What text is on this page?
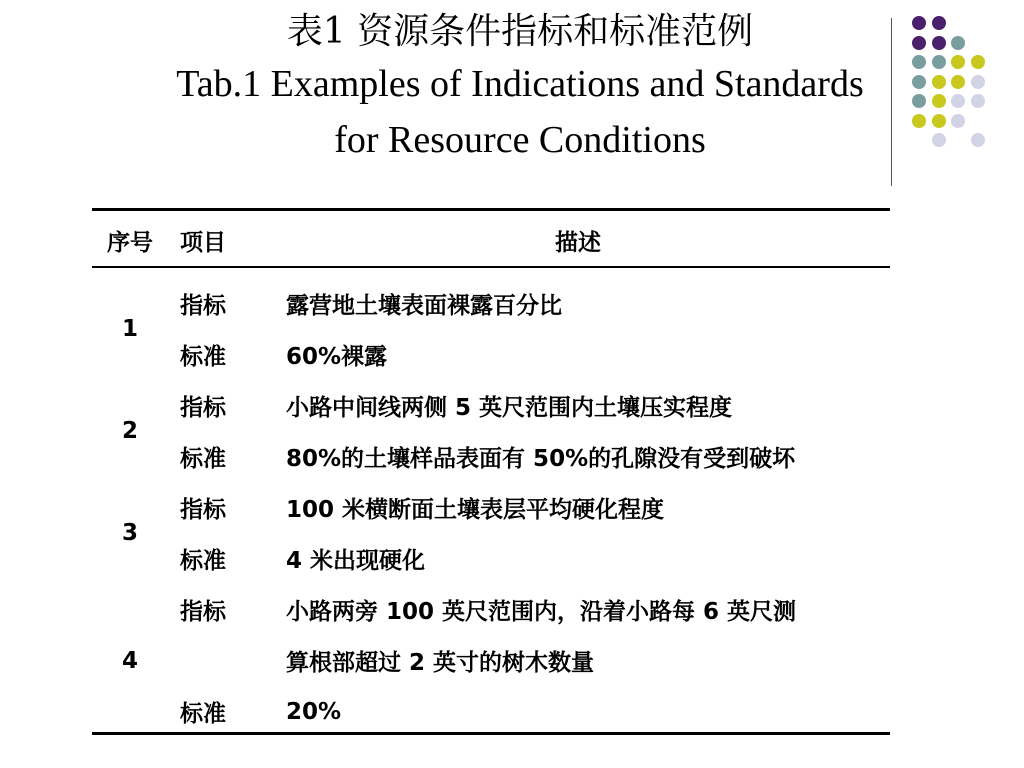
表1 资源条件指标和标准范例
Tab.1 Examples of Indications and Standards
for Resource Conditions
序号	项目	描述
1	指标	露营地土壤表面裸露百分比
	标准	60%裸露
2	指标	小路中间线两侧 5 英尺范围内土壤压实程度
	标准	80%的土壤样品表面有 50%的孔隙没有受到破坏
3	指标	100 米横断面土壤表层平均硬化程度
	标准	4 米出现硬化
4	指标	小路两旁 100 英尺范围内，沿着小路每 6 英尺测
		算根部超过 2 英寸的树木数量
	标准	20%
